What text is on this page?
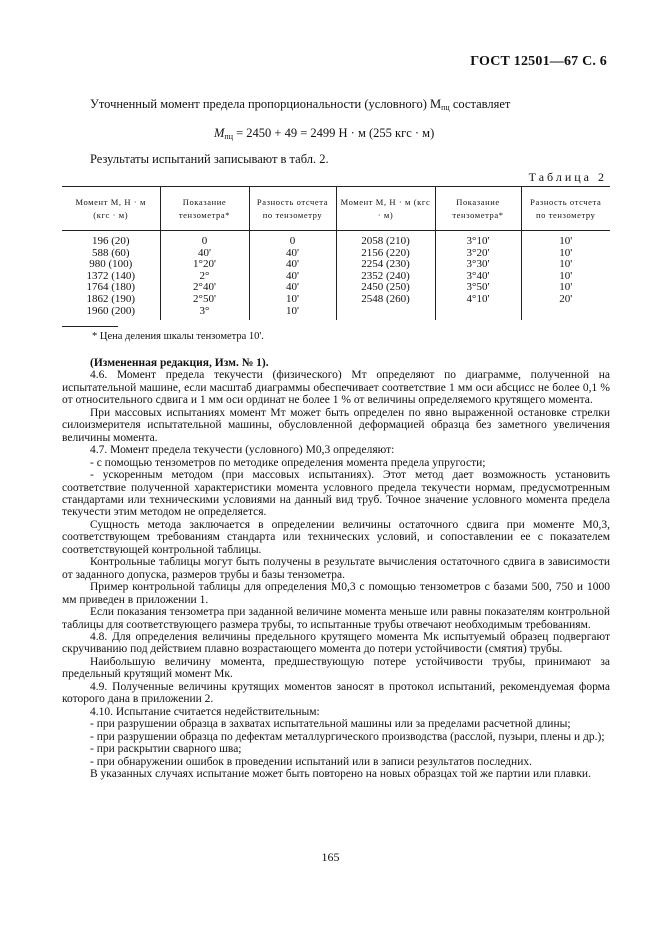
ГОСТ 12501—67 С. 6
Уточненный момент предела пропорциональности (условного) $М_{пц}$ составляет
$М_{пц} = 2450 + 49 = 2499$ Н · м (255 кгс · м)
Результаты испытаний записывают в табл. 2.
Таблица 2
Момент М, Н · м (кгс · м)	Показание тензометра*	Разность отсчета по тензометру	Момент М, Н · м (кгс · м)	Показание тензометра*	Разность отсчета по тензометру
196 (20)	0	0	2058 (210)	3°10'	10'
588 (60)	40'	40'	2156 (220)	3°20'	10'
980 (100)	1°20'	40'	2254 (230)	3°30'	10'
1372 (140)	2°	40'	2352 (240)	3°40'	10'
1764 (180)	2°40'	40'	2450 (250)	3°50'	10'
1862 (190)	2°50'	10'	2548 (260)	4°10'	20'
1960 (200)	3°	10'			
* Цена деления шкалы тензометра 10'.

(Измененная редакция, Изм. № 1).

4.6. Момент предела текучести (физического) Мт определяют по диаграмме, полученной на испытательной машине, если масштаб диаграммы обеспечивает соответствие 1 мм оси абсцисс не более 0,1 % от относительного сдвига и 1 мм оси ординат не более 1 % от величины определяемого крутящего момента.

При массовых испытаниях момент Мт может быть определен по явно выраженной остановке стрелки силоизмерителя испытательной машины, обусловленной деформацией образца без заметного увеличения величины момента.

4.7. Момент предела текучести (условного) М0,3 определяют:

- с помощью тензометров по методике определения момента предела упругости;

- ускоренным методом (при массовых испытаниях). Этот метод дает возможность установить соответствие полученной характеристики момента условного предела текучести нормам, предусмотренным стандартами или техническими условиями на данный вид труб. Точное значение условного момента предела текучести этим методом не определяется.

Сущность метода заключается в определении величины остаточного сдвига при моменте М0,3, соответствующем требованиям стандарта или технических условий, и сопоставлении ее с показателем соответствующей контрольной таблицы.

Контрольные таблицы могут быть получены в результате вычисления остаточного сдвига в зависимости от заданного допуска, размеров трубы и базы тензометра.

Пример контрольной таблицы для определения М0,3 с помощью тензометров с базами 500, 750 и 1000 мм приведен в приложении 1.

Если показания тензометра при заданной величине момента меньше или равны показателям контрольной таблицы для соответствующего размера трубы, то испытанные трубы отвечают необходимым требованиям.

4.8. Для определения величины предельного крутящего момента Мк испытуемый образец подвергают скручиванию под действием плавно возрастающего момента до потери устойчивости (смятия) трубы.

Наибольшую величину момента, предшествующую потере устойчивости трубы, принимают за предельный крутящий момент Мк.

4.9. Полученные величины крутящих моментов заносят в протокол испытаний, рекомендуемая форма которого дана в приложении 2.

4.10. Испытание считается недействительным:

- при разрушении образца в захватах испытательной машины или за пределами расчетной длины;

- при разрушении образца по дефектам металлургического производства (расслой, пузыри, плены и др.);

- при раскрытии сварного шва;

- при обнаружении ошибок в проведении испытаний или в записи результатов последних.

В указанных случаях испытание может быть повторено на новых образцах той же партии или плавки.

165
